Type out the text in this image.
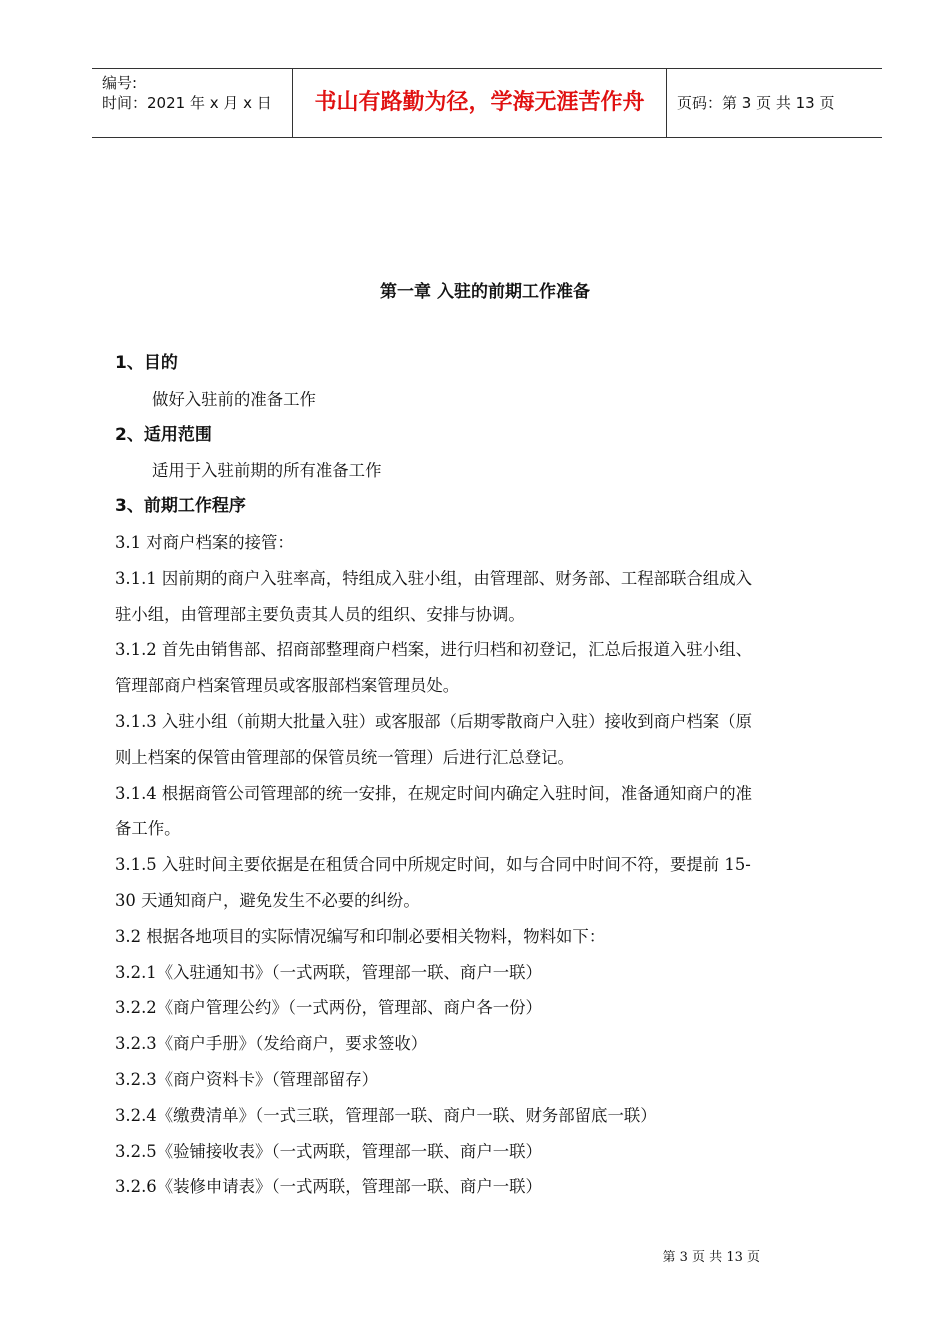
编号:
时间：2021 年 x 月 x 日	书山有路勤为径，学海无涯苦作舟	页码：第 3 页 共 13 页
第一章 入驻的前期工作准备

1、目的

做好入驻前的准备工作

2、适用范围

适用于入驻前期的所有准备工作

3、前期工作程序

3.1 对商户档案的接管：

3.1.1 因前期的商户入驻率高，特组成入驻小组，由管理部、财务部、工程部联合组成入

驻小组，由管理部主要负责其人员的组织、安排与协调。

3.1.2 首先由销售部、招商部整理商户档案，进行归档和初登记，汇总后报道入驻小组、

管理部商户档案管理员或客服部档案管理员处。

3.1.3 入驻小组（前期大批量入驻）或客服部（后期零散商户入驻）接收到商户档案（原

则上档案的保管由管理部的保管员统一管理）后进行汇总登记。

3.1.4 根据商管公司管理部的统一安排，在规定时间内确定入驻时间，准备通知商户的准

备工作。

3.1.5 入驻时间主要依据是在租赁合同中所规定时间，如与合同中时间不符，要提前 15-

30 天通知商户，避免发生不必要的纠纷。

3.2 根据各地项目的实际情况编写和印制必要相关物料，物料如下：

3.2.1《入驻通知书》（一式两联，管理部一联、商户一联）

3.2.2《商户管理公约》（一式两份，管理部、商户各一份）

3.2.3《商户手册》（发给商户，要求签收）

3.2.3《商户资料卡》（管理部留存）

3.2.4《缴费清单》（一式三联，管理部一联、商户一联、财务部留底一联）

3.2.5《验铺接收表》（一式两联，管理部一联、商户一联）

3.2.6《装修申请表》（一式两联，管理部一联、商户一联）

第 3 页 共 13 页
